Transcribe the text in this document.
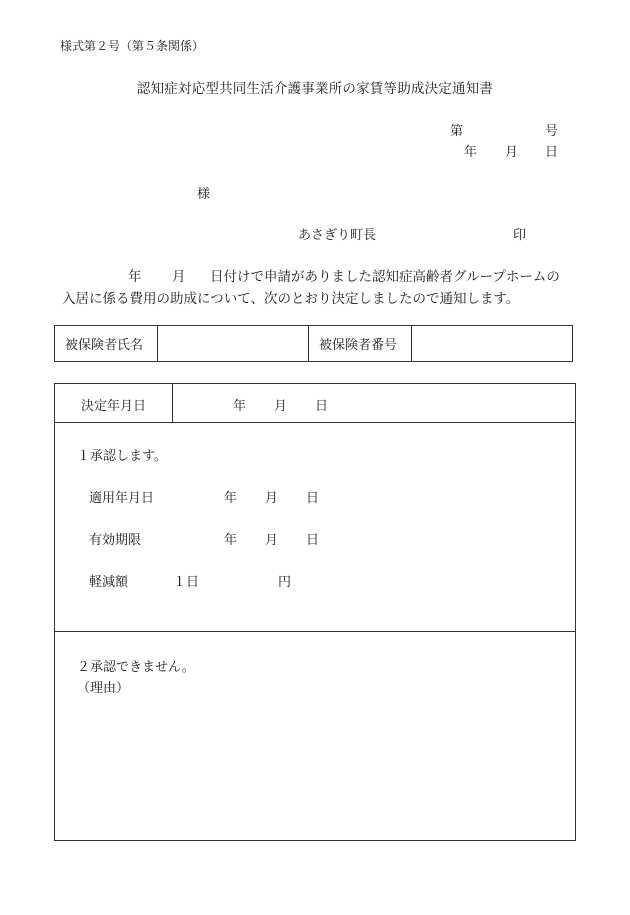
様式第２号（第５条関係）
認知症対応型共同生活介護事業所の家賃等助成決定通知書
第	号
年 月 日
様
あさぎり町長	印
年 月 日付けで申請がありました認知症高齢者グループホームの
入居に係る費用の助成について、次のとおり決定しましたので通知します。
被保険者氏名		被保険者番号	
決定年月日	年 月 日
１承認します。
適用年月日	年 月 日
有効期限	年 月 日
軽減額	１日	円
２承認できません。
（理由）
